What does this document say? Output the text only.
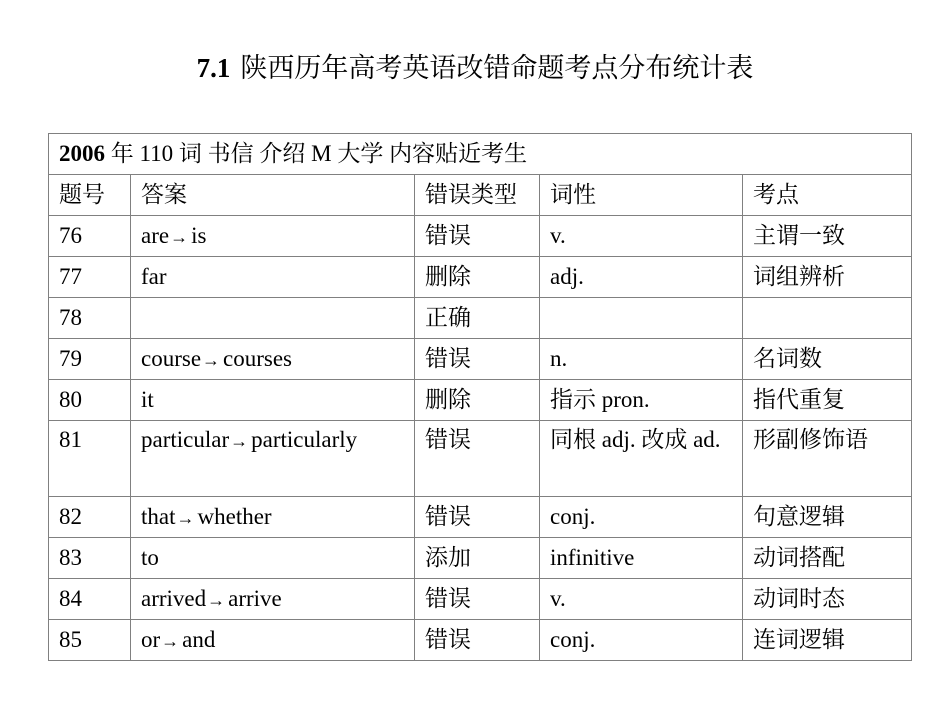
7.1 陕西历年高考英语改错命题考点分布统计表
2006 年 110 词 书信 介绍 M 大学 内容贴近考生				
题号	答案	错误类型	词性	考点
76	are→ is	错误	v.	主谓一致
77	far	删除	adj.	词组辨析
78		正确		
79	course→ courses	错误	n.	名词数
80	it	删除	指示 pron.	指代重复
81	particular→ particularly	错误	同根 adj. 改成 ad.	形副修饰语
82	that→ whether	错误	conj.	句意逻辑
83	to	添加	infinitive	动词搭配
84	arrived→ arrive	错误	v.	动词时态
85	or→ and	错误	conj.	连词逻辑
